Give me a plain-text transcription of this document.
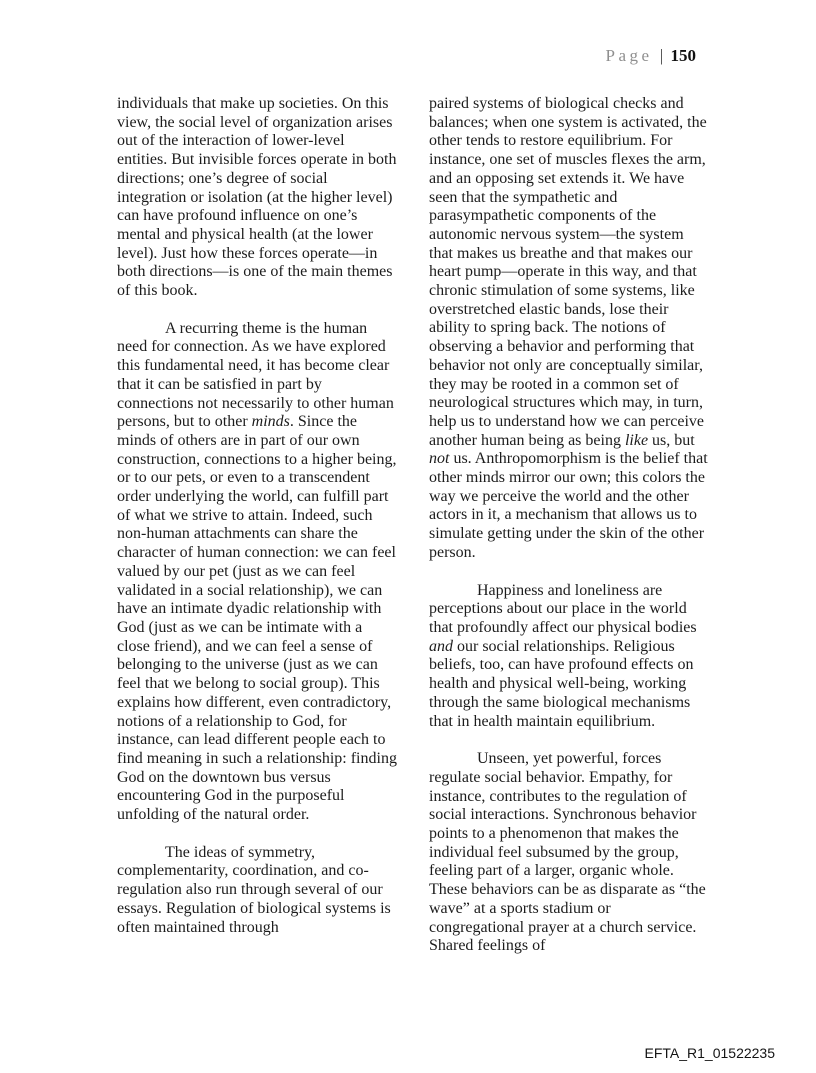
Page | 150

individuals that make up societies. On this view, the social level of organization arises out of the interaction of lower-level entities. But invisible forces operate in both directions; one’s degree of social integration or isolation (at the higher level) can have profound influence on one’s mental and physical health (at the lower level). Just how these forces operate—in both directions—is one of the main themes of this book.

A recurring theme is the human need for connection. As we have explored this fundamental need, it has become clear that it can be satisfied in part by connections not necessarily to other human persons, but to other minds. Since the minds of others are in part of our own construction, connections to a higher being, or to our pets, or even to a transcendent order underlying the world, can fulfill part of what we strive to attain. Indeed, such non-human attachments can share the character of human connection: we can feel valued by our pet (just as we can feel validated in a social relationship), we can have an intimate dyadic relationship with God (just as we can be intimate with a close friend), and we can feel a sense of belonging to the universe (just as we can feel that we belong to social group). This explains how different, even contradictory, notions of a relationship to God, for instance, can lead different people each to find meaning in such a relationship: finding God on the downtown bus versus encountering God in the purposeful unfolding of the natural order.

The ideas of symmetry, complementarity, coordination, and co-regulation also run through several of our essays. Regulation of biological systems is often maintained through

paired systems of biological checks and balances; when one system is activated, the other tends to restore equilibrium. For instance, one set of muscles flexes the arm, and an opposing set extends it. We have seen that the sympathetic and parasympathetic components of the autonomic nervous system—the system that makes us breathe and that makes our heart pump—operate in this way, and that chronic stimulation of some systems, like overstretched elastic bands, lose their ability to spring back. The notions of observing a behavior and performing that behavior not only are conceptually similar, they may be rooted in a common set of neurological structures which may, in turn, help us to understand how we can perceive another human being as being like us, but not us. Anthropomorphism is the belief that other minds mirror our own; this colors the way we perceive the world and the other actors in it, a mechanism that allows us to simulate getting under the skin of the other person.

Happiness and loneliness are perceptions about our place in the world that profoundly affect our physical bodies and our social relationships. Religious beliefs, too, can have profound effects on health and physical well-being, working through the same biological mechanisms that in health maintain equilibrium.

Unseen, yet powerful, forces regulate social behavior. Empathy, for instance, contributes to the regulation of social interactions. Synchronous behavior points to a phenomenon that makes the individual feel subsumed by the group, feeling part of a larger, organic whole. These behaviors can be as disparate as “the wave” at a sports stadium or congregational prayer at a church service. Shared feelings of

EFTA_R1_01522235
